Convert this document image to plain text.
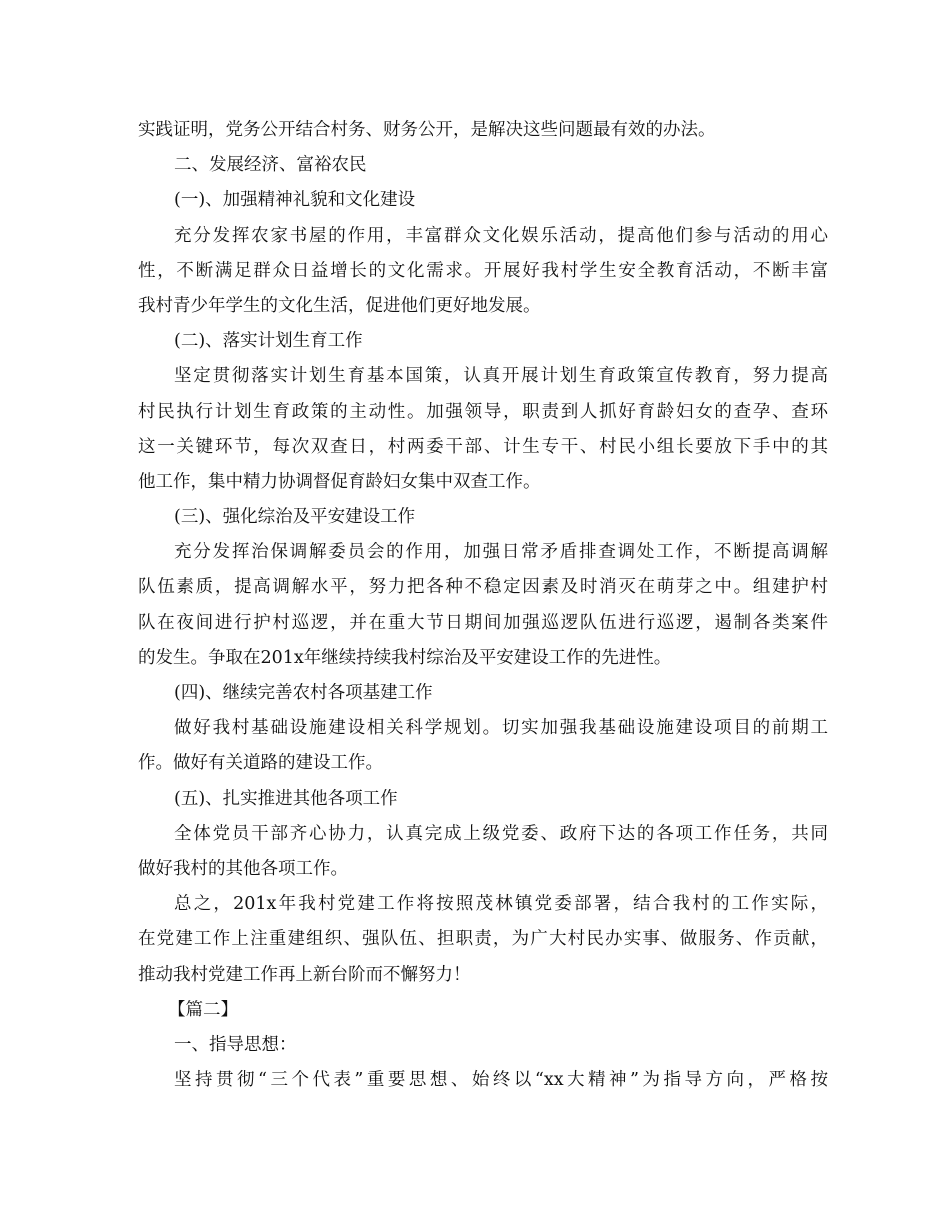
实践证明，党务公开结合村务、财务公开，是解决这些问题最有效的办法。
二、发展经济、富裕农民
(一)、加强精神礼貌和文化建设
充分发挥农家书屋的作用，丰富群众文化娱乐活动，提高他们参与活动的用心
性，不断满足群众日益增长的文化需求。开展好我村学生安全教育活动，不断丰富
我村青少年学生的文化生活，促进他们更好地发展。
(二)、落实计划生育工作
坚定贯彻落实计划生育基本国策，认真开展计划生育政策宣传教育，努力提高
村民执行计划生育政策的主动性。加强领导，职责到人抓好育龄妇女的查孕、查环
这一关键环节，每次双查日，村两委干部、计生专干、村民小组长要放下手中的其
他工作，集中精力协调督促育龄妇女集中双查工作。
(三)、强化综治及平安建设工作
充分发挥治保调解委员会的作用，加强日常矛盾排查调处工作，不断提高调解
队伍素质，提高调解水平，努力把各种不稳定因素及时消灭在萌芽之中。组建护村
队在夜间进行护村巡逻，并在重大节日期间加强巡逻队伍进行巡逻，遏制各类案件
的发生。争取在201x年继续持续我村综治及平安建设工作的先进性。
(四)、继续完善农村各项基建工作
做好我村基础设施建设相关科学规划。切实加强我基础设施建设项目的前期工
作。做好有关道路的建设工作。
(五)、扎实推进其他各项工作
全体党员干部齐心协力，认真完成上级党委、政府下达的各项工作任务，共同
做好我村的其他各项工作。
总之，201x年我村党建工作将按照茂林镇党委部署，结合我村的工作实际，
在党建工作上注重建组织、强队伍、担职责，为广大村民办实事、做服务、作贡献，
推动我村党建工作再上新台阶而不懈努力！
【篇二】
一、指导思想：
坚持贯彻“三个代表”重要思想、始终以“xx大精神”为指导方向，严格按
